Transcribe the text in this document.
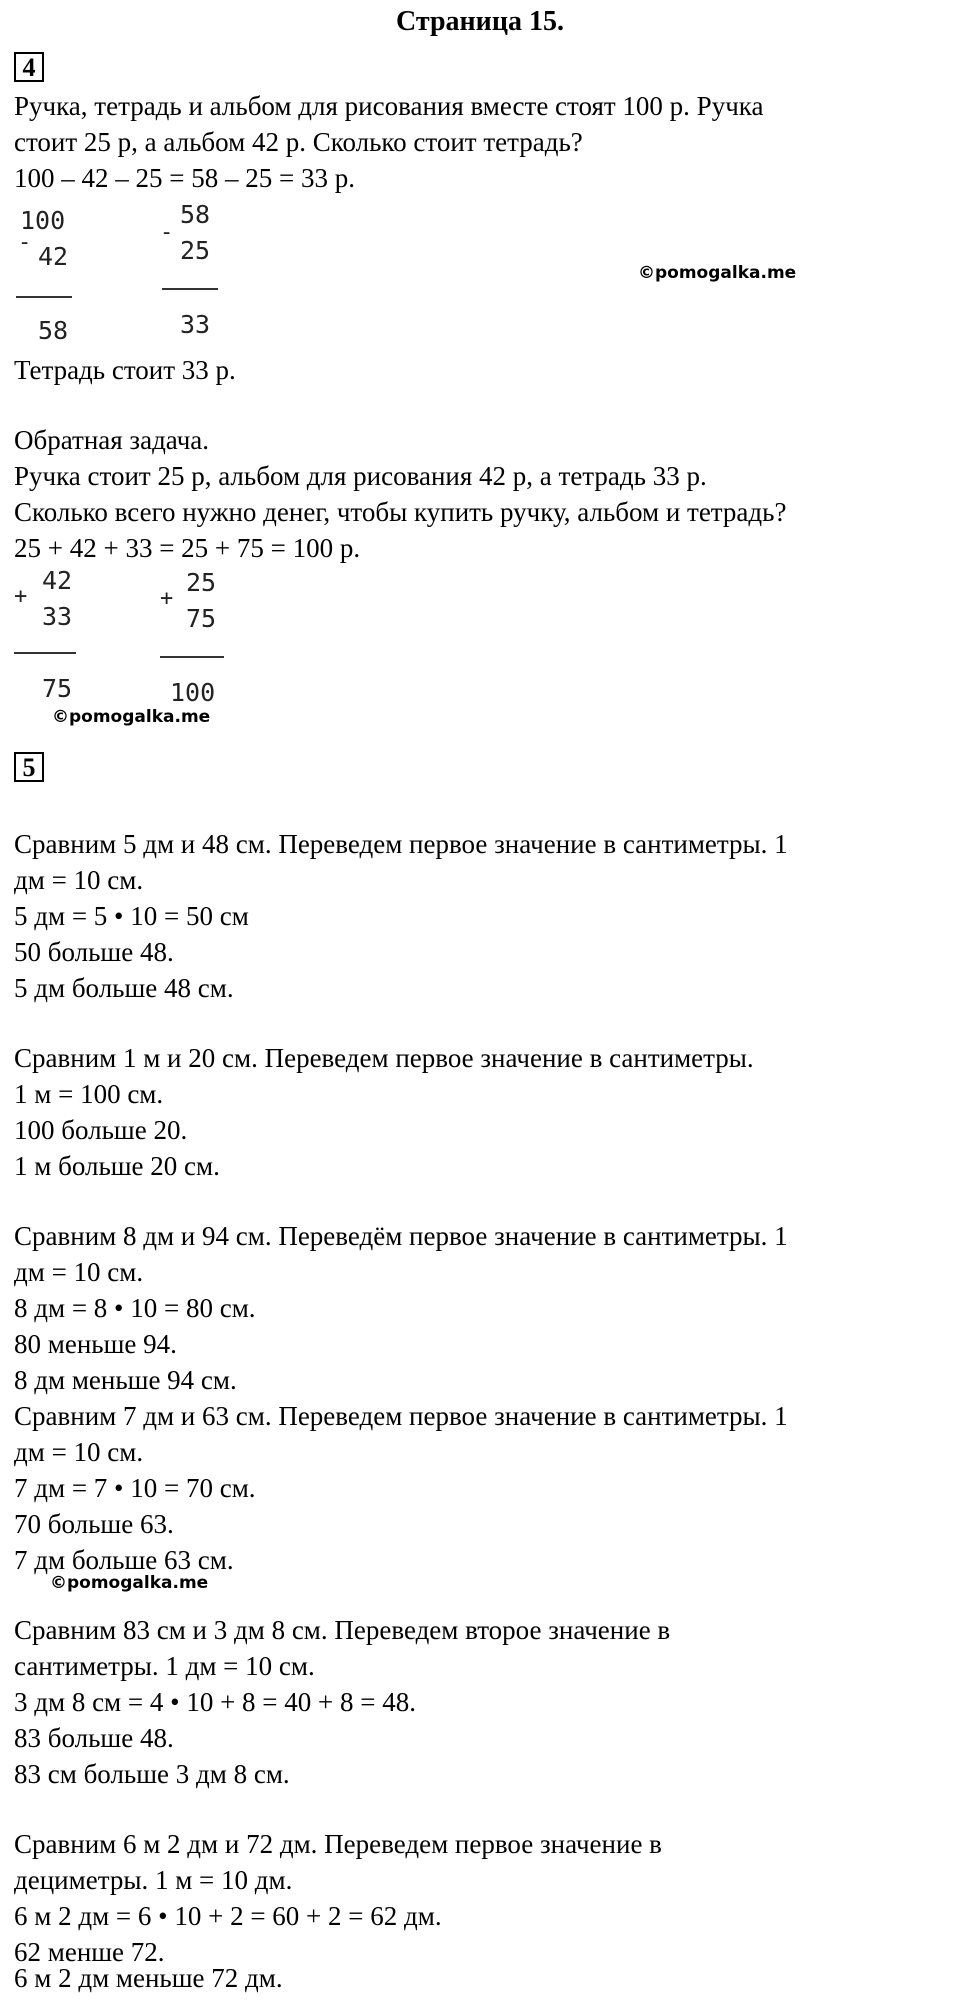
Страница 15.
4
Ручка, тетрадь и альбом для рисования вместе стоят 100 р. Ручка
стоит 25 р, а альбом 42 р. Сколько стоит тетрадь?
100 – 42 – 25 = 58 – 25 = 33 р.
100
- 42
58
58
-
25
33
©pomogalka.me
Тетрадь стоит 33 р.
Обратная задача.
Ручка стоит 25 р, альбом для рисования 42 р, а тетрадь 33 р.
Сколько всего нужно денег, чтобы купить ручку, альбом и тетрадь?
25 + 42 + 33 = 25 + 75 = 100 р.
42
+
33
75
25
+
75
100
©pomogalka.me
5
Сравним 5 дм и 48 см. Переведем первое значение в сантиметры. 1
дм = 10 см.
5 дм = 5 • 10 = 50 см
50 больше 48.
5 дм больше 48 см.
Сравним 1 м и 20 см. Переведем первое значение в сантиметры.
1 м = 100 см.
100 больше 20.
1 м больше 20 см.
Сравним 8 дм и 94 см. Переведём первое значение в сантиметры. 1
дм = 10 см.
8 дм = 8 • 10 = 80 см.
80 меньше 94.
8 дм меньше 94 см.
Сравним 7 дм и 63 см. Переведем первое значение в сантиметры. 1
дм = 10 см.
7 дм = 7 • 10 = 70 см.
70 больше 63.
7 дм больше 63 см.
©pomogalka.me
Сравним 83 см и 3 дм 8 см. Переведем второе значение в
сантиметры. 1 дм = 10 см.
3 дм 8 см = 4 • 10 + 8 = 40 + 8 = 48.
83 больше 48.
83 см больше 3 дм 8 см.
Сравним 6 м 2 дм и 72 дм. Переведем первое значение в
дециметры. 1 м = 10 дм.
6 м 2 дм = 6 • 10 + 2 = 60 + 2 = 62 дм.
62 менше 72.
6 м 2 дм меньше 72 дм.
